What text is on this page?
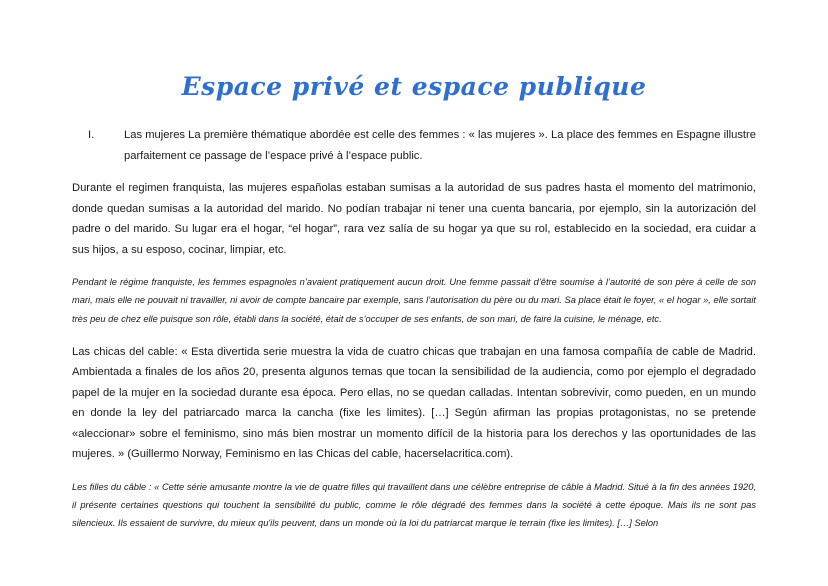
Espace privé et espace publique
I.	Las mujeres La première thématique abordée est celle des femmes : « las mujeres ». La place des femmes en Espagne illustre parfaitement ce passage de l’espace privé à l’espace public.

Durante el regimen franquista, las mujeres españolas estaban sumisas a la autoridad de sus padres hasta el momento del matrimonio, donde quedan sumisas a la autoridad del marido. No podían trabajar ni tener una cuenta bancaria, por ejemplo, sin la autorización del padre o del marido. Su lugar era el hogar, “el hogar”, rara vez salía de su hogar ya que su rol, establecido en la sociedad, era cuidar a sus hijos, a su esposo, cocinar, limpiar, etc.

Pendant le régime franquiste, les femmes espagnoles n’avaient pratiquement aucun droit. Une femme passait d’être soumise à l’autorité de son père à celle de son mari, mais elle ne pouvait ni travailler, ni avoir de compte bancaire par exemple, sans l’autorisation du père ou du mari. Sa place était le foyer, « el hogar », elle sortait très peu de chez elle puisque son rôle, établi dans la société, était de s’occuper de ses enfants, de son mari, de faire la cuisine, le ménage, etc.

Las chicas del cable: « Esta divertida serie muestra la vida de cuatro chicas que trabajan en una famosa compañía de cable de Madrid. Ambientada a finales de los años 20, presenta algunos temas que tocan la sensibilidad de la audiencia, como por ejemplo el degradado papel de la mujer en la sociedad durante esa época. Pero ellas, no se quedan calladas. Intentan sobrevivir, como pueden, en un mundo en donde la ley del patriarcado marca la cancha (fixe les limites). […] Según afirman las propias protagonistas, no se pretende «aleccionar» sobre el feminismo, sino más bien mostrar un momento difícil de la historia para los derechos y las oportunidades de las mujeres. » (Guillermo Norway, Feminismo en las Chicas del cable, hacerselacritica.com).

Les filles du câble : « Cette série amusante montre la vie de quatre filles qui travaillent dans une célèbre entreprise de câble à Madrid. Situé à la fin des années 1920, il présente certaines questions qui touchent la sensibilité du public, comme le rôle dégradé des femmes dans la société à cette époque. Mais ils ne sont pas silencieux. Ils essaient de survivre, du mieux qu'ils peuvent, dans un monde où la loi du patriarcat marque le terrain (fixe les limites). […] Selon
